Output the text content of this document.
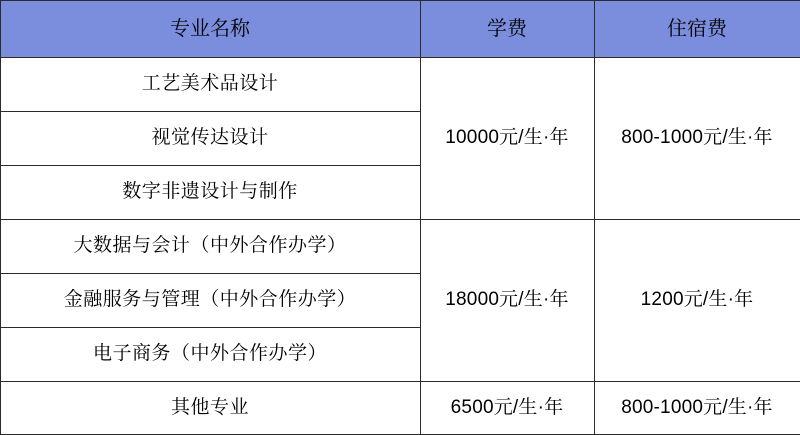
专业名称	学费	住宿费
工艺美术品设计	10000元/生·年	800-1000元/生·年
视觉传达设计		
数字非遗设计与制作		
大数据与会计（中外合作办学）	18000元/生·年	1200元/生·年
金融服务与管理（中外合作办学）		
电子商务（中外合作办学）		
其他专业	6500元/生·年	800-1000元/生·年
